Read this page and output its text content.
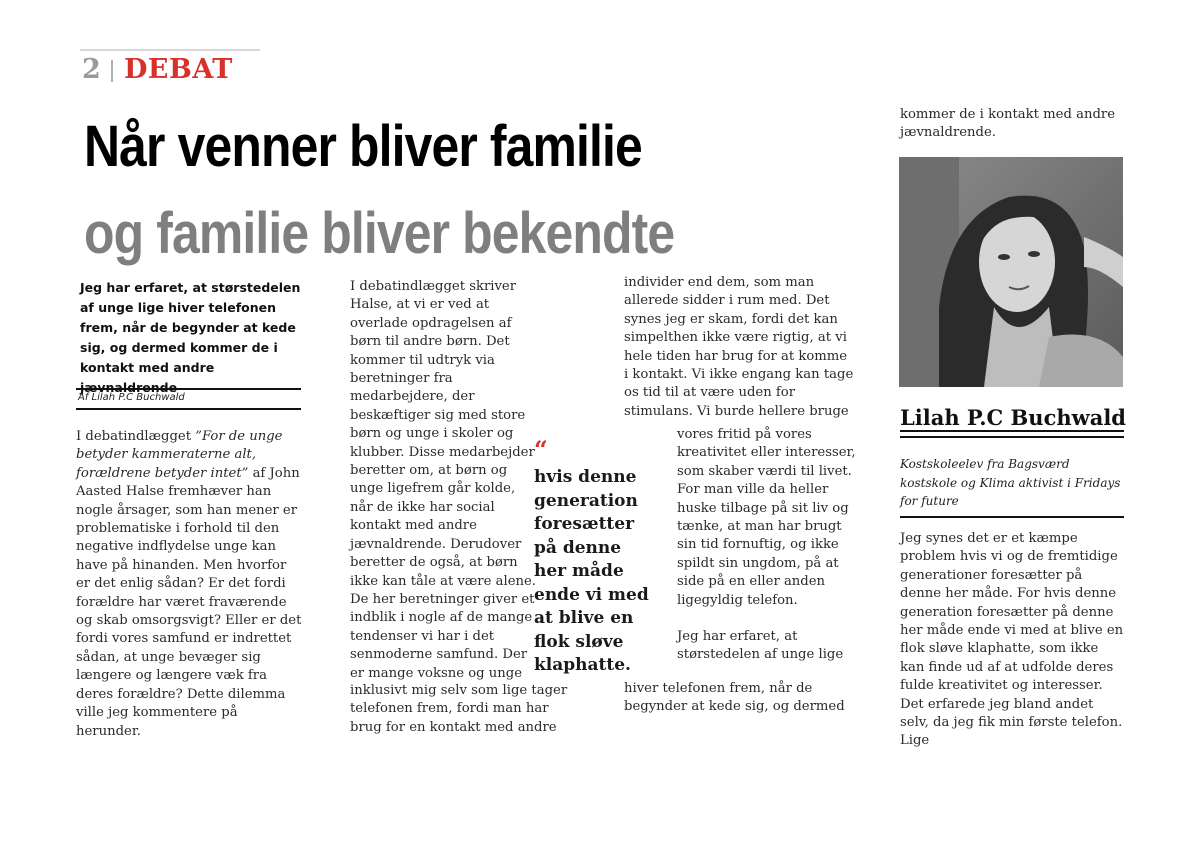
2 DEBAT
Når venner bliver familie
og familie bliver bekendte
Jeg har erfaret, at størstedelen af unge lige hiver telefonen frem, når de begynder at kede sig, og dermed kommer de i kontakt med andre
Af Lilah P.C Buchwald
I debatindlægget ”For de unge betyder kammeraterne alt, forældrene betyder intet” af John Aasted Halse fremhæver han nogle årsager, som han mener er problematiske i forhold til den negative indflydelse unge kan have på hinanden. Men hvorfor er det enlig sådan? Er det fordi forældre har været fraværende og skab omsorgsvigt? Eller er det fordi vores samfund er indrettet sådan, at unge bevæger sig længere og længere væk fra deres forældre? Dette dilemma ville jeg kommentere på herunder.
I debatindlægget skriver Halse, at vi er ved at overlade opdragelsen af børn til andre børn. Det kommer til udtryk via beretninger fra medarbejdere, der beskæftiger sig med store børn og unge i skoler og klubber. Disse medarbejder beretter om, at børn og unge ligefrem går kolde, når de ikke har social kontakt med andre jævnaldrende. Derudover beretter de også, at børn ikke kan tåle at være alene. De her beretninger giver et indblik i nogle af de mange tendenser vi har i det senmoderne samfund. Der er mange voksne og unge
inklusivt mig selv som lige tager telefonen frem, fordi man har brug for en kontakt med andre
“
hvis denne generation foresætter på denne her måde ende vi med at blive en flok sløve klaphatte.
individer end dem, som man allerede sidder i rum med. Det synes jeg er skam, fordi det kan simpelthen ikke være rigtig, at vi hele tiden har brug for at komme i kontakt. Vi ikke engang kan tage os tid til at være uden for stimulans. Vi burde hellere bruge

vores fritid på vores kreativitet eller interesser, som skaber værdi til livet. For man ville da heller huske tilbage på sit liv og tænke, at man har brugt sin tid fornuftig, og ikke spildt sin ungdom, på at side på en eller anden ligegyldig telefon.

Jeg har erfaret, at størstedelen af unge lige

hiver telefonen frem, når de begynder at kede sig, og dermed
kommer de i kontakt med andre jævnaldrende.
Lilah P.C Buchwald
Kostskoleelev fra Bagsværd kostskole og Klima aktivist i Fridays for future
Jeg synes det er et kæmpe problem hvis vi og de fremtidige generationer foresætter på denne her måde. For hvis denne generation foresætter på denne her måde ende vi med at blive en flok sløve klaphatte, som ikke kan finde ud af at udfolde deres fulde kreativitet og interesser. Det erfarede jeg bland andet selv, da jeg fik min første telefon. Lige
